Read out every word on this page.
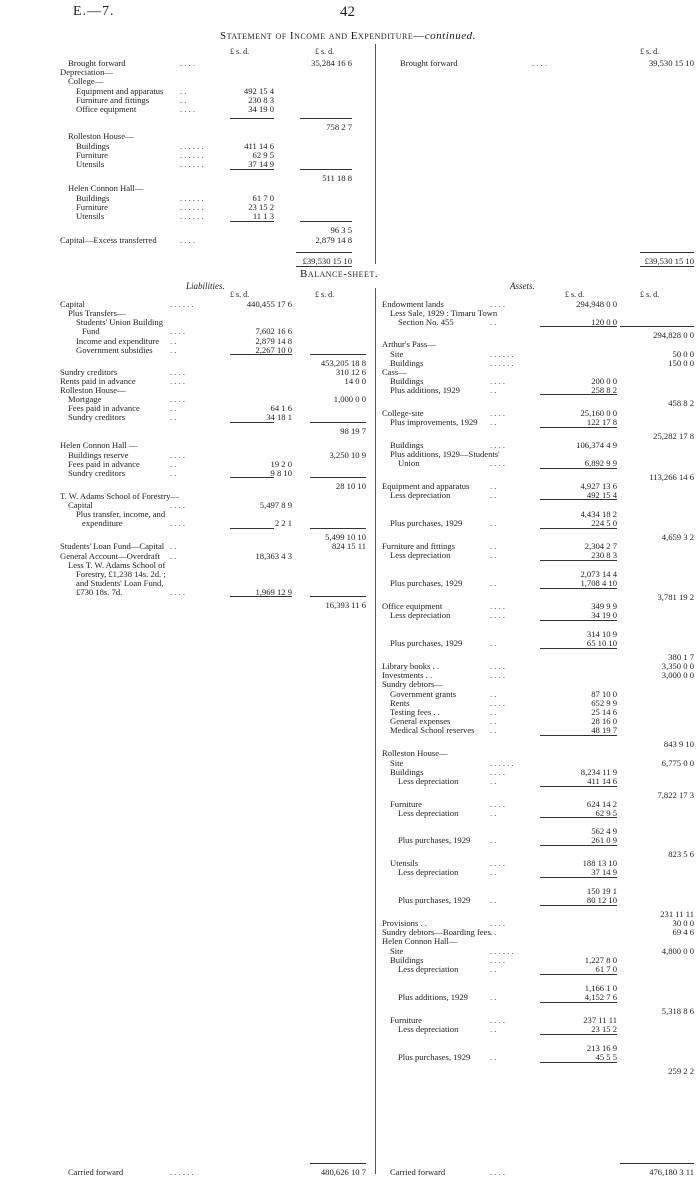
E.—7.	42
Statement of Income and Expenditure—continued.
£ s. d.	£ s. d.	£ s. d.
Brought forward	. . . .	35,284 16 6
Depreciation—
College—
Equipment and apparatus . .	492 15 4
Furniture and fittings	. .	230 8 3
Office equipment	. . . .	34 19 0
758 2 7
Rolleston House—
Buildings	. . . . . .	411 14 6
Furniture	. . . . . .	62 9 5
Utensils	. . . . . .	37 14 9
511 18 8
Helen Connon Hall—
Buildings	. . . . . .	61 7 0
Furniture	. . . . . .	23 15 2
Utensils	. . . . . .	11 1 3
96 3 5
Capital—Excess transferred	. . . .	2,879 14 8
£39,530 15 10
Brought forward	. . . .	39,530 15 10
£39,530 15 10
Balance-sheet.
Liabilities.	Assets.
£ s. d.	£ s. d.	£ s. d.	£ s. d.
Capital	. . . . . .	440,455 17 6
Plus Transfers—
Students' Union Building
Fund	. . . .	7,602 16 6
Income and expenditure . .	2,879 14 8
Government subsidies . .	2,267 10 0
453,205 18 8
Sundry creditors	. . . .	310 12 6
Rents paid in advance	. . . .	14 0 0
Rolleston House—
Mortgage	. . . .	1,000 0 0
Fees paid in advance	. .	64 1 6
Sundry creditors	. .	34 18 1
98 19 7
Helen Connon Hall —
Buildings reserve	. . . .	3,250 10 9
Fees paid in advance	. .	19 2 0
Sundry creditors	. .	9 8 10
28 10 10
T. W. Adams School of Forestry—
Capital	. . . .	5,497 8 9
Plus transfer, income, and
expenditure	. . . .	2 2 1
5,499 10 10
Students' Loan Fund—Capital . .	824 15 11
General Account—Overdraft . .	18,363 4 3
Less T. W. Adams School of
Forestry, £1,238 14s. 2d. ;
and Students' Loan Fund,
£730 18s. 7d.	. . . .	1,969 12 9
16,393 11 6
Carried forward	. . . . . .	480,626 10 7
Endowment lands	. . . .	294,948 0 0
Less Sale, 1929 : Timaru Town
Section No. 455	. .	120 0 0
294,828 0 0
Arthur's Pass—
Site	. . . . . .	50 0 0
Buildings	. . . . . .	150 0 0
Cass—
Buildings	. . . .	200 0 0
Plus additions, 1929	. .	258 8 2
458 8 2
College-site	. . . .	25,160 0 0
Plus improvements, 1929 . .	122 17 8
25,282 17 8
Buildings	. . . .	106,374 4 9
Plus additions, 1929—Students'
Union	. . . .	6,892 9 9
113,266 14 6
Equipment and apparatus . .	4,927 13 6
Less depreciation	. .	492 15 4
4,434 18 2
Plus purchases, 1929	. .	224 5 0
4,659 3 2
Furniture and fittings	. .	2,304 2 7
Less depreciation	. .	230 8 3
2,073 14 4
Plus purchases, 1929	. .	1,708 4 10
3,781 19 2
Office equipment	. . . .	349 9 9
Less depreciation	. . . .	34 19 0
314 10 9
Plus purchases, 1929	. .	65 10 10
380 1 7
Library books . .	. . . .	3,350 0 0
Investments . .	. . . .	3,000 0 0
Sundry debtors—
Government grants	. .	87 10 0
Rents	. . . .	652 9 9
Testing fees . .	. .	25 14 6
General expenses	. .	28 16 0
Medical School reserves . .	48 19 7
843 9 10
Rolleston House—
Site	. . . . . .	6,775 0 0
Buildings	. . . .	8,234 11 9
Less depreciation	. .	411 14 6
7,822 17 3
Furniture	. . . .	624 14 2
Less depreciation	. .	62 9 5
562 4 9
Plus purchases, 1929 . .	261 0 9
823 5 6
Utensils	. . . .	188 13 10
Less depreciation	. .	37 14 9
150 19 1
Plus purchases, 1929 . .	80 12 10
231 11 11
Provisions . .	. . . .	30 0 0
Sundry debtors—Boarding fees . .	69 4 6
Helen Connon Hall—
Site	. . . . . .	4,800 0 0
Buildings	. . . .	1,227 8 0
Less depreciation	. .	61 7 0
1,166 1 0
Plus additions, 1929	. .	4,152 7 6
5,318 8 6
Furniture	. . . .	237 11 11
Less depreciation	. .	23 15 2
213 16 9
Plus purchases, 1929 . .	45 5 5
259 2 2
Carried forward	. . . .	476,180 3 11
